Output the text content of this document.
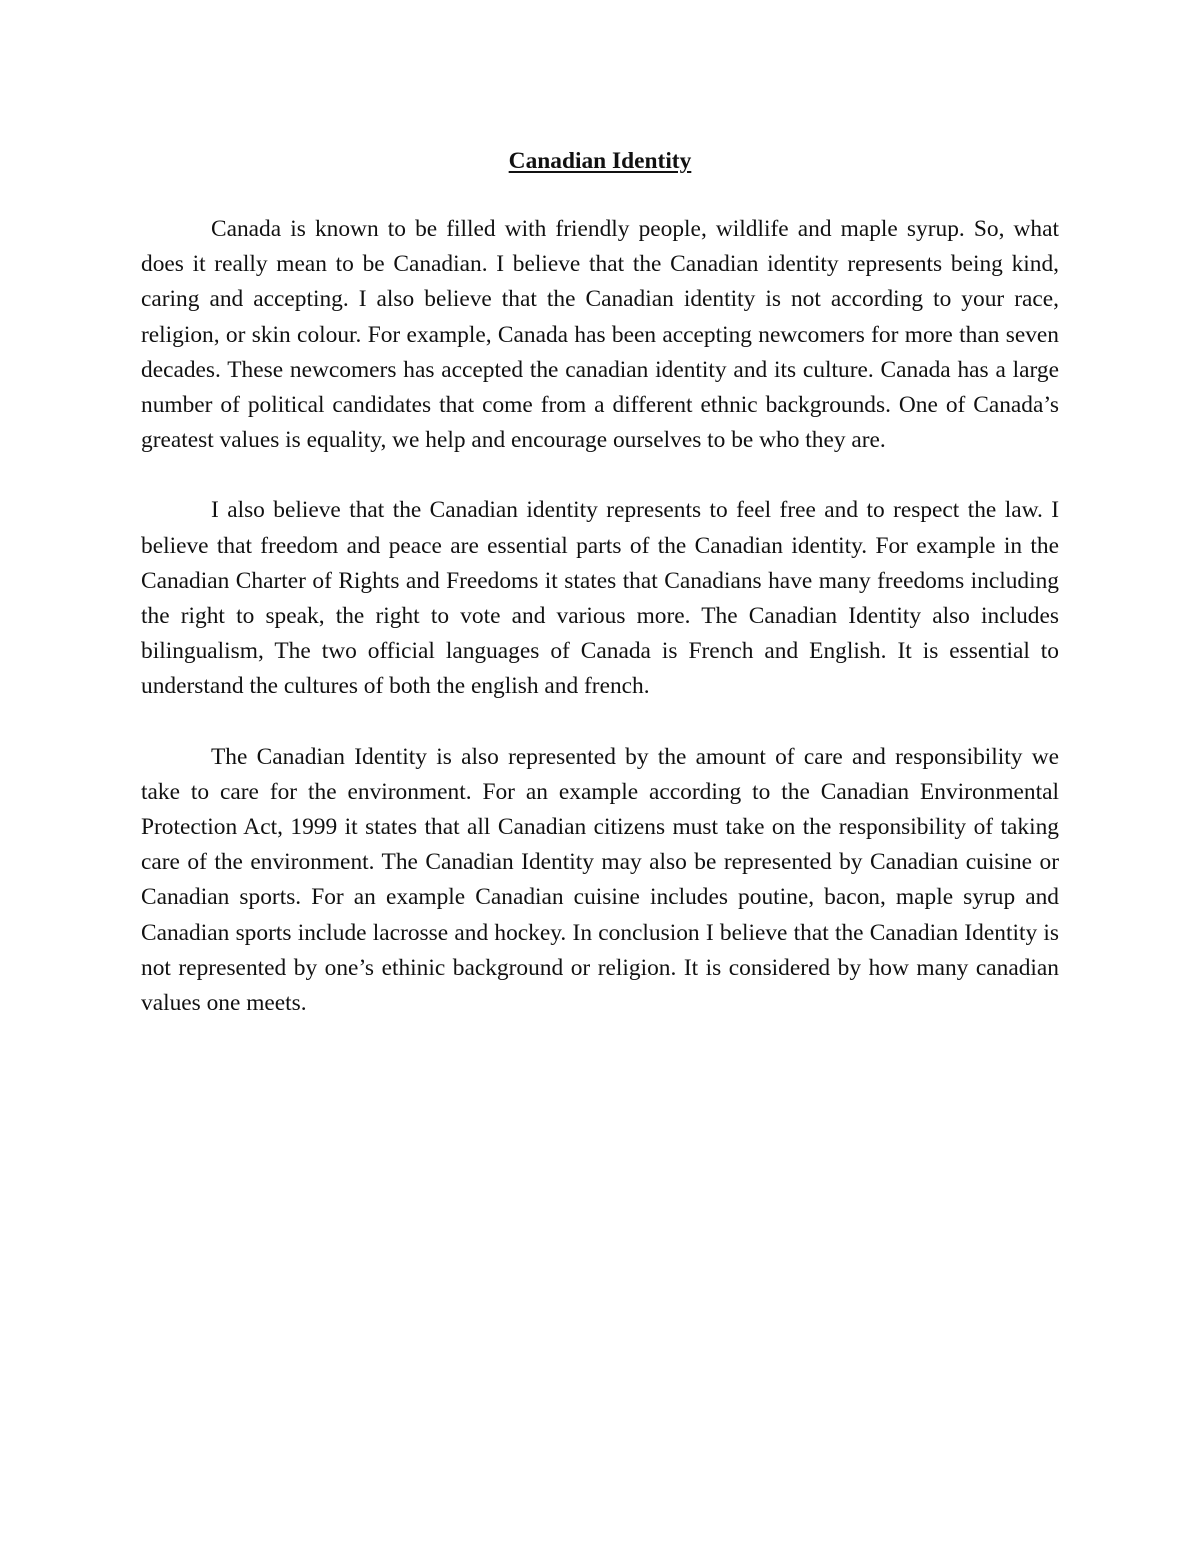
Canadian Identity

Canada is known to be filled with friendly people, wildlife and maple syrup. So, what does it really mean to be Canadian. I believe that the Canadian identity represents being kind, caring and accepting. I also believe that the Canadian identity is not according to your race, religion, or skin colour. For example, Canada has been accepting newcomers for more than seven decades. These newcomers has accepted the canadian identity and its culture. Canada has a large number of political candidates that come from a different ethnic backgrounds. One of Canada’s greatest values is equality, we help and encourage ourselves to be who they are.

I also believe that the Canadian identity represents to feel free and to respect the law. I believe that freedom and peace are essential parts of the Canadian identity. For example in the Canadian Charter of Rights and Freedoms it states that Canadians have many freedoms including the right to speak, the right to vote and various more. The Canadian Identity also includes bilingualism, The two official languages of Canada is French and English. It is essential to understand the cultures of both the english and french.

The Canadian Identity is also represented by the amount of care and responsibility we take to care for the environment. For an example according to the Canadian Environmental Protection Act, 1999 it states that all Canadian citizens must take on the responsibility of taking care of the environment. The Canadian Identity may also be represented by Canadian cuisine or Canadian sports. For an example Canadian cuisine includes poutine, bacon, maple syrup and Canadian sports include lacrosse and hockey. In conclusion I believe that the Canadian Identity is not represented by one’s ethinic background or religion. It is considered by how many canadian values one meets.
